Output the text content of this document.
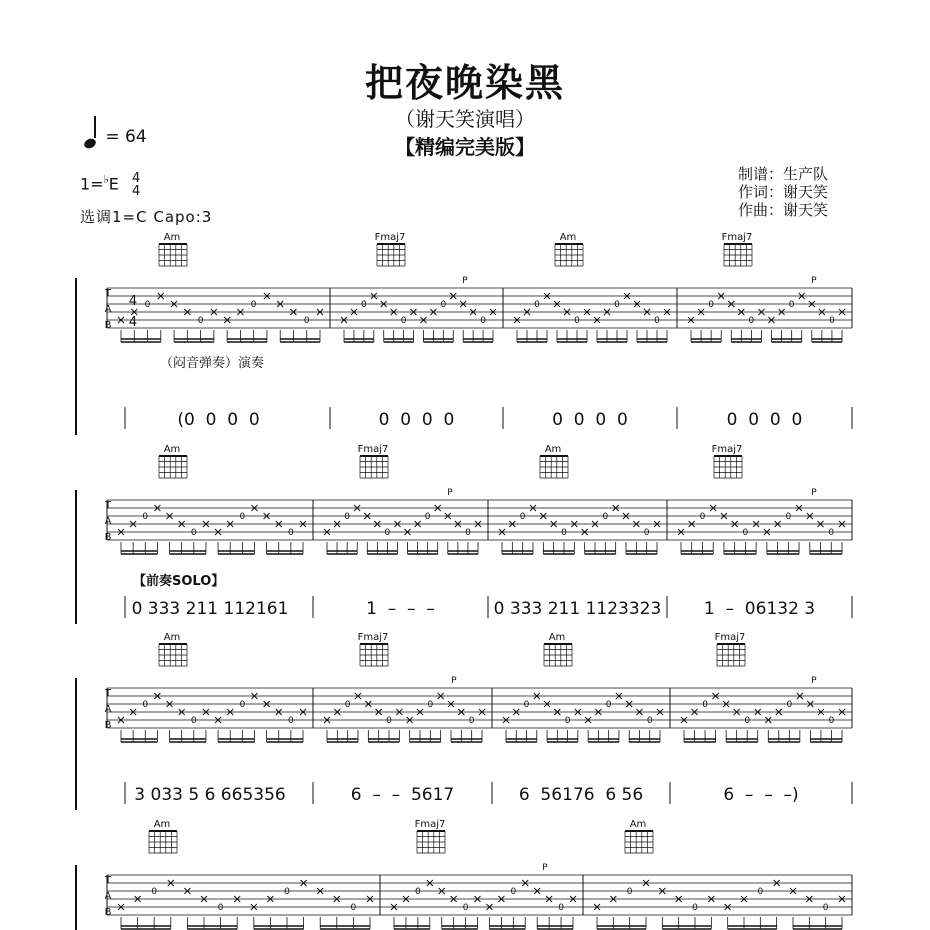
把夜晚染黑
（谢天笑演唱）
【精编完美版】
= 64
1=♭E 4
4
选调1=C Capo:3
制谱：生产队
作词：谢天笑
作曲：谢天笑
（闷音弹奏）演奏
【前奏SOLO】
T
A
B
4
4
Am
0
0
0
0
Fmaj7
0
0
0
0
P
Am
0
0
0
0
Fmaj7
0
0
0
0
P
(0  0  0  0	0  0  0  0	0  0  0  0	0  0  0  0
T
A
B
Am
0
0
0
0
Fmaj7
0
0
0
0
P
Am
0
0
0
0
Fmaj7
0
0
0
0
P
0 333 211 112161	1  –  –  –	0 333 211 1123323	1  –  06132 3
T
A
B
Am
0
0
0
0
Fmaj7
0
0
0
0
P
Am
0
0
0
0
Fmaj7
0
0
0
0
P
3 033 5 6 665356	6  –  –  5617	6  56176  6 56	6  –  –  –)
T
A
B
Am
0
0
0
0
Fmaj7
0
0
0
0
P
Am
0
0
0
0
